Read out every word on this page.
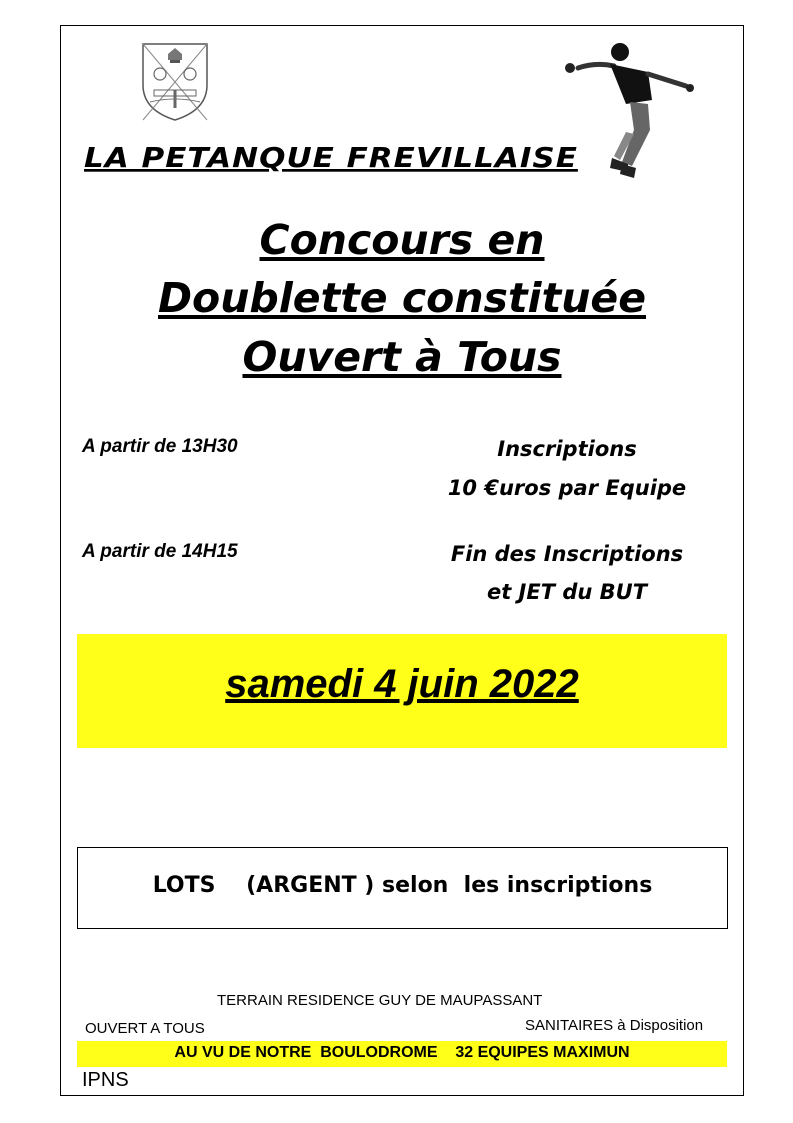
LA PETANQUE FREVILLAISE
Concours en
Doublette constituée
Ouvert à Tous
A partir de 13H30	Inscriptions
10 €uros par Equipe
A partir de 14H15	Fin des Inscriptions
et JET du BUT
samedi 4 juin 2022
LOTS    (ARGENT ) selon  les inscriptions
TERRAIN RESIDENCE GUY DE MAUPASSANT
OUVERT A TOUS	SANITAIRES à Disposition
AU VU DE NOTRE  BOULODROME    32 EQUIPES MAXIMUN
IPNS
